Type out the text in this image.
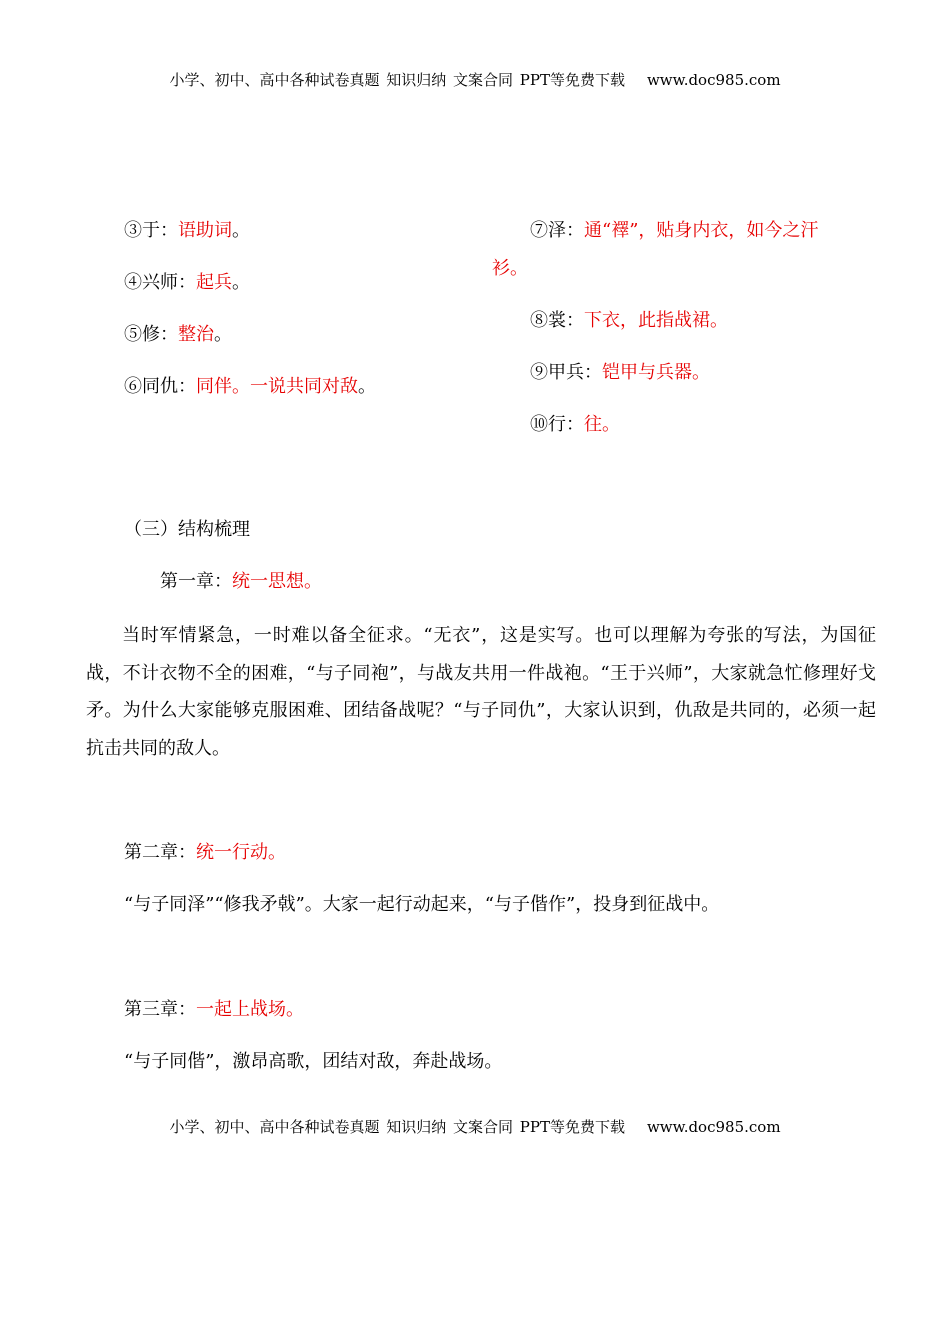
小学、初中、高中各种试卷真题 知识归纳 文案合同 PPT等免费下载 www.doc985.com
③于：语助词。
④兴师：起兵。
⑤修：整治。
⑥同仇：同伴。一说共同对敌。
⑦泽：通“襗”，贴身内衣，如今之汗
衫。
⑧裳：下衣，此指战裙。
⑨甲兵：铠甲与兵器。
⑩行：往。
（三）结构梳理
第一章：统一思想。
当时军情紧急，一时难以备全征求。“无衣”，这是实写。也可以理解为夸张的写法，为国征战，不计衣物不全的困难，“与子同袍”，与战友共用一件战袍。“王于兴师”，大家就急忙修理好戈矛。为什么大家能够克服困难、团结备战呢？“与子同仇”，大家认识到，仇敌是共同的，必须一起抗击共同的敌人。
第二章：统一行动。
“与子同泽”“修我矛戟”。大家一起行动起来，“与子偕作”，投身到征战中。
第三章：一起上战场。
“与子同偕”，激昂高歌，团结对敌，奔赴战场。
小学、初中、高中各种试卷真题 知识归纳 文案合同 PPT等免费下载 www.doc985.com
